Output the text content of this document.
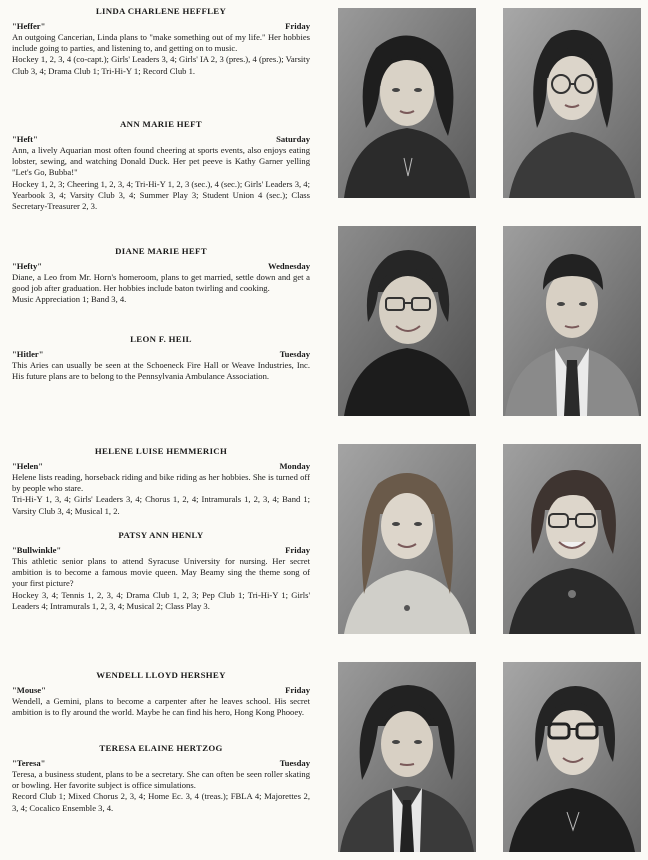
LINDA CHARLENE HEFFLEY
"Heffer"	Friday
An outgoing Cancerian, Linda plans to "make something out of my life." Her hobbies include going to parties, and listening to, and getting on to music.
Hockey 1, 2, 3, 4 (co-capt.); Girls' Leaders 3, 4; Girls' IA 2, 3 (pres.), 4 (pres.); Varsity Club 3, 4; Drama Club 1; Tri-Hi-Y 1; Record Club 1.
ANN MARIE HEFT
"Heft"	Saturday
Ann, a lively Aquarian most often found cheering at sports events, also enjoys eating lobster, sewing, and watching Donald Duck. Her pet peeve is Kathy Garner yelling "Let's Go, Bubba!"
Hockey 1, 2, 3; Cheering 1, 2, 3, 4; Tri-Hi-Y 1, 2, 3 (sec.), 4 (sec.); Girls' Leaders 3, 4; Yearbook 3, 4; Varsity Club 3, 4; Summer Play 3; Student Union 4 (sec.); Class Secretary-Treasurer 2, 3.
DIANE MARIE HEFT
"Hefty"	Wednesday
Diane, a Leo from Mr. Horn's homeroom, plans to get married, settle down and get a good job after graduation. Her hobbies include baton twirling and cooking.
Music Appreciation 1; Band 3, 4.
LEON F. HEIL
"Hitler"	Tuesday
This Aries can usually be seen at the Schoeneck Fire Hall or Weave Industries, Inc. His future plans are to belong to the Pennsylvania Ambulance Association.
HELENE LUISE HEMMERICH
"Helen"	Monday
Helene lists reading, horseback riding and bike riding as her hobbies. She is turned off by people who stare.
Tri-Hi-Y 1, 3, 4; Girls' Leaders 3, 4; Chorus 1, 2, 4; Intramurals 1, 2, 3, 4; Band 1; Varsity Club 3, 4; Musical 1, 2.
PATSY ANN HENLY
"Bullwinkle"	Friday
This athletic senior plans to attend Syracuse University for nursing. Her secret ambition is to become a famous movie queen. May Beamy sing the theme song of your first picture?
Hockey 3, 4; Tennis 1, 2, 3, 4; Drama Club 1, 2, 3; Pep Club 1; Tri-Hi-Y 1; Girls' Leaders 4; Intramurals 1, 2, 3, 4; Musical 2; Class Play 3.
WENDELL LLOYD HERSHEY
"Mouse"	Friday
Wendell, a Gemini, plans to become a carpenter after he leaves school. His secret ambition is to fly around the world. Maybe he can find his hero, Hong Kong Phooey.
TERESA ELAINE HERTZOG
"Teresa"	Tuesday
Teresa, a business student, plans to be a secretary. She can often be seen roller skating or bowling. Her favorite subject is office simulations.
Record Club 1; Mixed Chorus 2, 3, 4; Home Ec. 3, 4 (treas.); FBLA 4; Majorettes 2, 3, 4; Cocalico Ensemble 3, 4.
